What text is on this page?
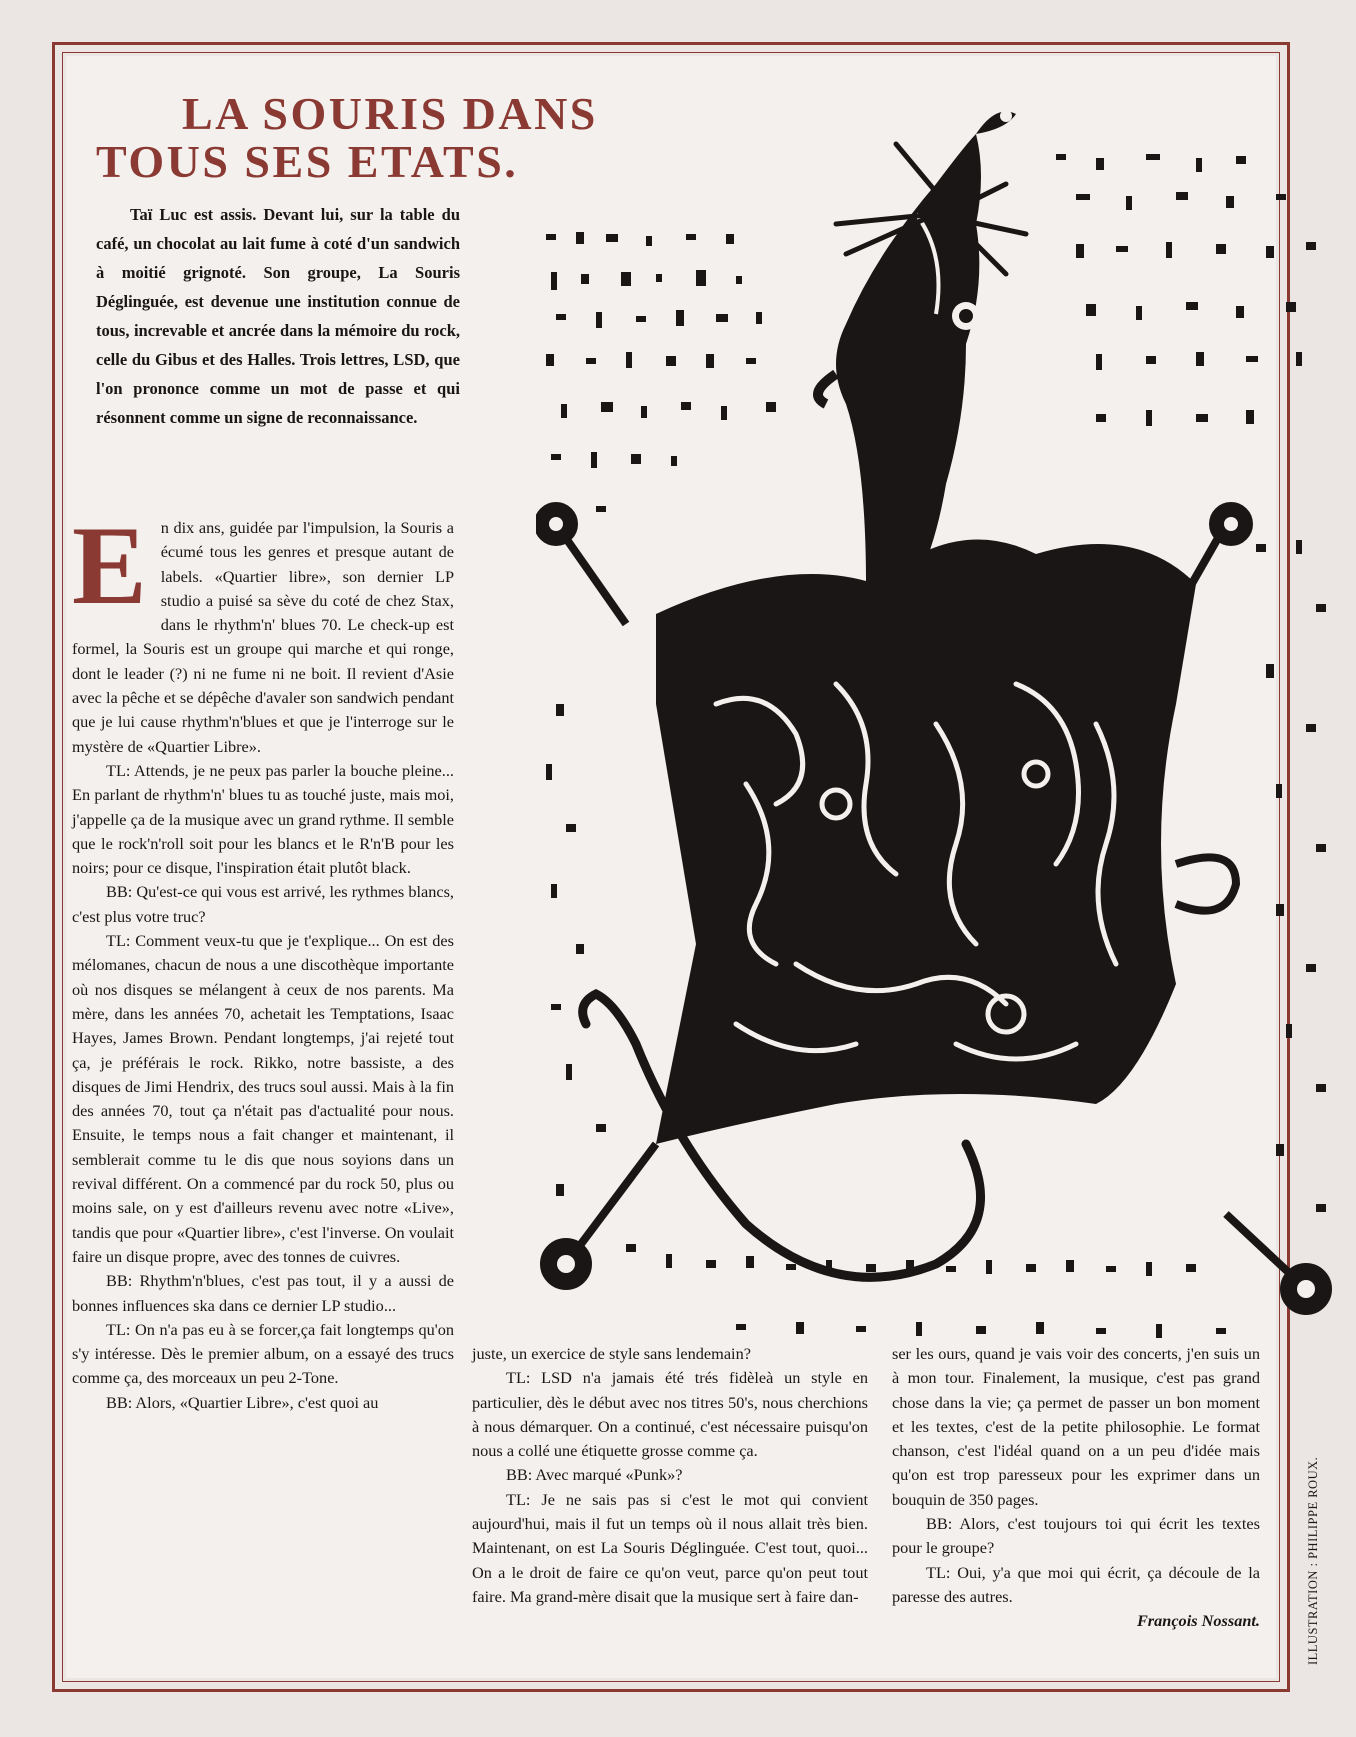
LA SOURIS DANS
TOUS SES ETATS.

Taï Luc est assis. Devant lui, sur la table du café, un chocolat au lait fume à coté d'un sandwich à moitié grignoté. Son groupe, La Souris Déglinguée, est devenue une institution connue de tous, increvable et ancrée dans la mémoire du rock, celle du Gibus et des Halles. Trois lettres, LSD, que l'on prononce comme un mot de passe et qui résonnent comme un signe de reconnaissance.

En dix ans, guidée par l'impulsion, la Souris a écumé tous les genres et presque autant de labels. «Quartier libre», son dernier LP studio a puisé sa sève du coté de chez Stax, dans le rhythm'n' blues 70. Le check-up est formel, la Souris est un groupe qui marche et qui ronge, dont le leader (?) ni ne fume ni ne boit. Il revient d'Asie avec la pêche et se dépêche d'avaler son sandwich pendant que je lui cause rhythm'n'blues et que je l'interroge sur le mystère de «Quartier Libre».

TL: Attends, je ne peux pas parler la bouche pleine... En parlant de rhythm'n' blues tu as touché juste, mais moi, j'appelle ça de la musique avec un grand rythme. Il semble que le rock'n'roll soit pour les blancs et le R'n'B pour les noirs; pour ce disque, l'inspiration était plutôt black.

BB: Qu'est-ce qui vous est arrivé, les rythmes blancs, c'est plus votre truc?

TL: Comment veux-tu que je t'explique... On est des mélomanes, chacun de nous a une discothèque importante où nos disques se mélangent à ceux de nos parents. Ma mère, dans les années 70, achetait les Temptations, Isaac Hayes, James Brown. Pendant longtemps, j'ai rejeté tout ça, je préférais le rock. Rikko, notre bassiste, a des disques de Jimi Hendrix, des trucs soul aussi. Mais à la fin des années 70, tout ça n'était pas d'actualité pour nous. Ensuite, le temps nous a fait changer et maintenant, il semblerait comme tu le dis que nous soyions dans un revival différent. On a commencé par du rock 50, plus ou moins sale, on y est d'ailleurs revenu avec notre «Live», tandis que pour «Quartier libre», c'est l'inverse. On voulait faire un disque propre, avec des tonnes de cuivres.

BB: Rhythm'n'blues, c'est pas tout, il y a aussi de bonnes influences ska dans ce dernier LP studio...

TL: On n'a pas eu à se forcer,ça fait longtemps qu'on s'y intéresse. Dès le premier album, on a essayé des trucs comme ça, des morceaux un peu 2-Tone.

BB: Alors, «Quartier Libre», c'est quoi au

juste, un exercice de style sans lendemain?

TL: LSD n'a jamais été trés fidèleà un style en particulier, dès le début avec nos titres 50's, nous cherchions à nous démarquer. On a continué, c'est nécessaire puisqu'on nous a collé une étiquette grosse comme ça.

BB: Avec marqué «Punk»?

TL: Je ne sais pas si c'est le mot qui convient aujourd'hui, mais il fut un temps où il nous allait très bien. Maintenant, on est La Souris Déglinguée. C'est tout, quoi... On a le droit de faire ce qu'on veut, parce qu'on peut tout faire. Ma grand-mère disait que la musique sert à faire dan-

ser les ours, quand je vais voir des concerts, j'en suis un à mon tour. Finalement, la musique, c'est pas grand chose dans la vie; ça permet de passer un bon moment et les textes, c'est de la petite philosophie. Le format chanson, c'est l'idéal quand on a un peu d'idée mais qu'on est trop paresseux pour les exprimer dans un bouquin de 350 pages.

BB: Alors, c'est toujours toi qui écrit les textes pour le groupe?

TL: Oui, y'a que moi qui écrit, ça découle de la paresse des autres.

François Nossant.	ILLUSTRATION : PHILIPPE ROUX.
